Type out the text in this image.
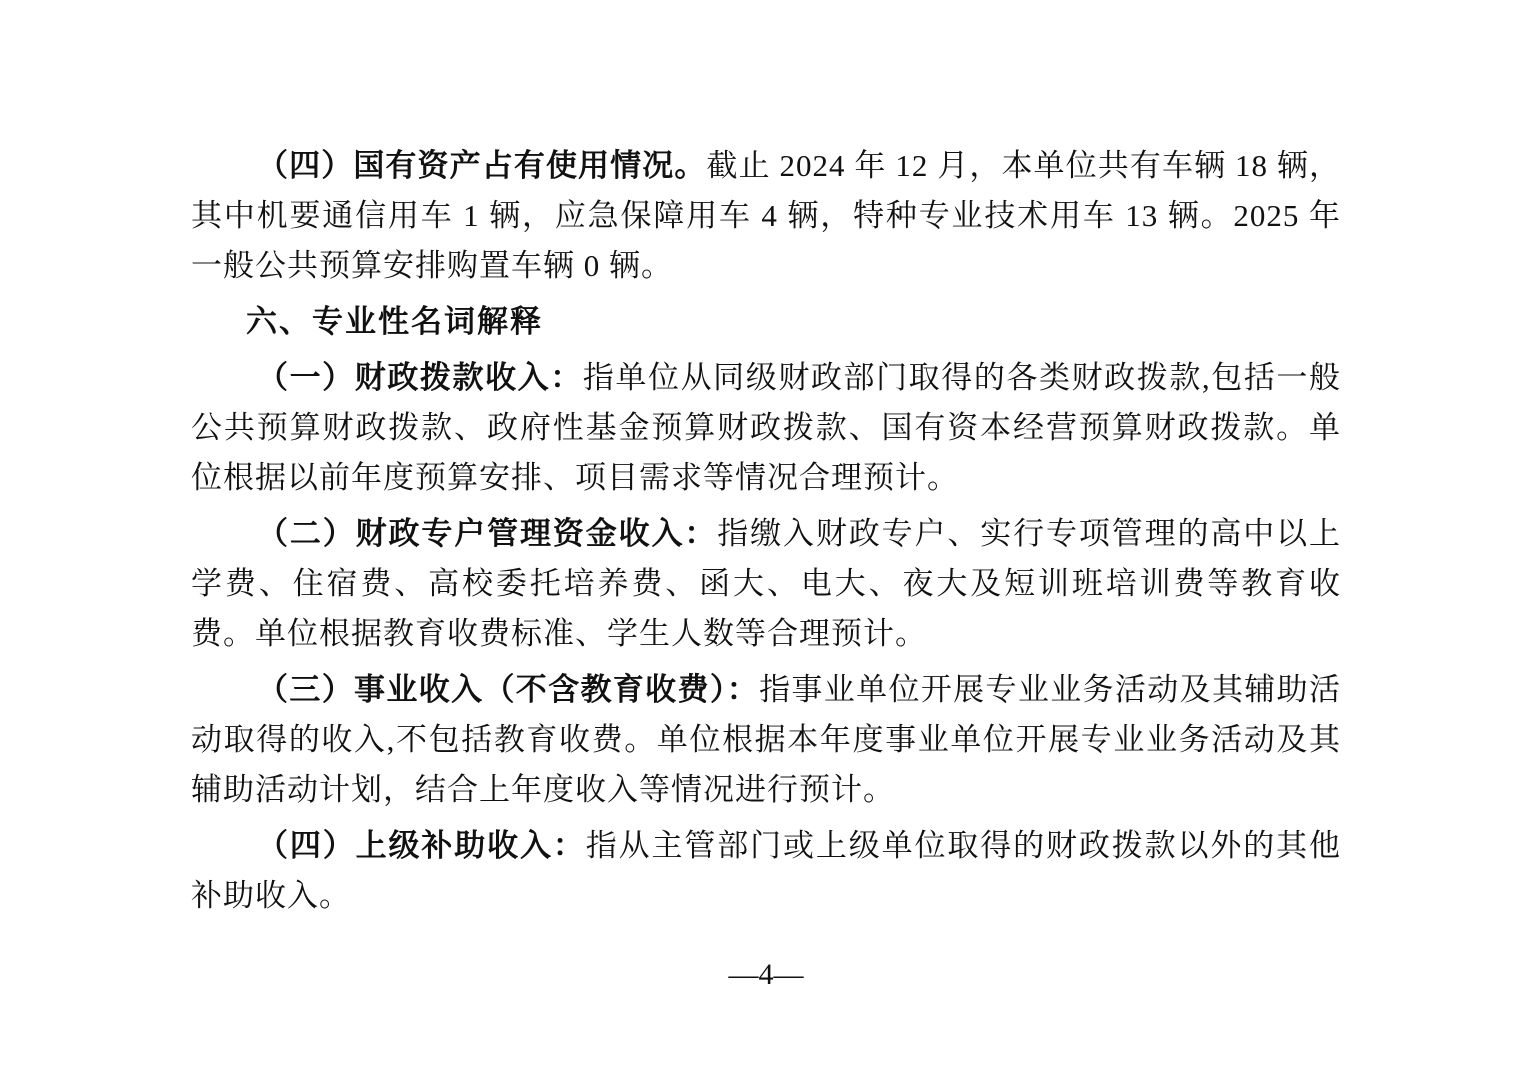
（四）国有资产占有使用情况。截止 2024 年 12 月，本单位共有车辆 18 辆，其中机要通信用车 1 辆，应急保障用车 4 辆，特种专业技术用车 13 辆。2025 年一般公共预算安排购置车辆 0 辆。

六、专业性名词解释

（一）财政拨款收入：指单位从同级财政部门取得的各类财政拨款,包括一般公共预算财政拨款、政府性基金预算财政拨款、国有资本经营预算财政拨款。单位根据以前年度预算安排、项目需求等情况合理预计。

（二）财政专户管理资金收入：指缴入财政专户、实行专项管理的高中以上学费、住宿费、高校委托培养费、函大、电大、夜大及短训班培训费等教育收费。单位根据教育收费标准、学生人数等合理预计。

（三）事业收入（不含教育收费）：指事业单位开展专业业务活动及其辅助活动取得的收入,不包括教育收费。单位根据本年度事业单位开展专业业务活动及其辅助活动计划，结合上年度收入等情况进行预计。

（四）上级补助收入：指从主管部门或上级单位取得的财政拨款以外的其他补助收入。

—4—
